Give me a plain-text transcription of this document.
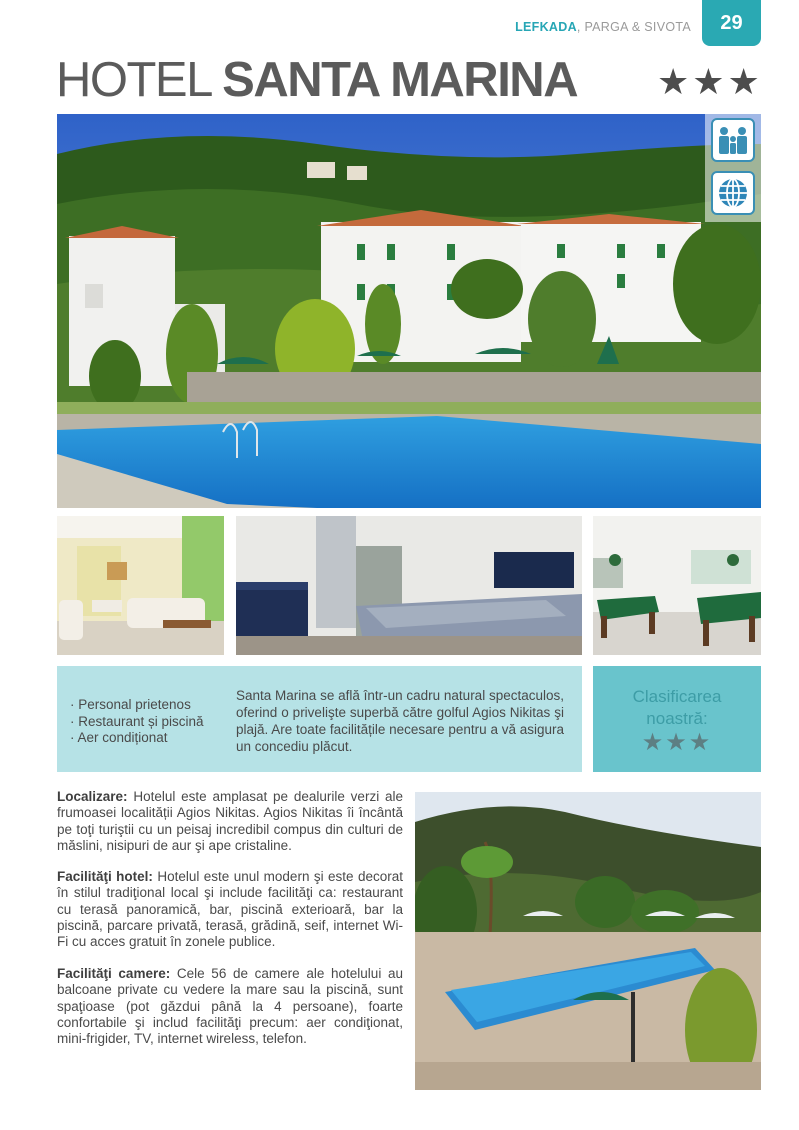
LEFKADA, PARGA & SIVOTA	29
HOTEL SANTA MARINA ★★★
· Personal prietenos
· Restaurant și piscină
· Aer condiționat
Santa Marina se află într-un cadru natural spectaculos, oferind o privelişte superbă către golful Agios Nikitas şi plajă. Are toate facilitățile necesare pentru a vă asigura un concediu plăcut.
Clasificarea
noastră:
★★★
Localizare: Hotelul este amplasat pe dealurile verzi ale frumoasei localității Agios Nikitas. Agios Nikitas îi încântă pe toţi turiştii cu un peisaj incredibil compus din culturi de măslini, nisipuri de aur şi ape cristaline.
Facilităţi hotel: Hotelul este unul modern şi este decorat în stilul tradiţional local şi include facilităţi ca: restaurant cu terasă panoramică, bar, piscină exterioară, bar la piscină, parcare privată, terasă, grădină, seif, internet Wi-Fi cu acces gratuit în zonele publice.
Facilităţi camere: Cele 56 de camere ale hotelului au balcoane private cu vedere la mare sau la piscină, sunt spaţioase (pot găzdui până la 4 persoane), foarte confortabile şi includ facilităţi precum: aer condiţionat, mini-frigider, TV, internet wireless, telefon.
